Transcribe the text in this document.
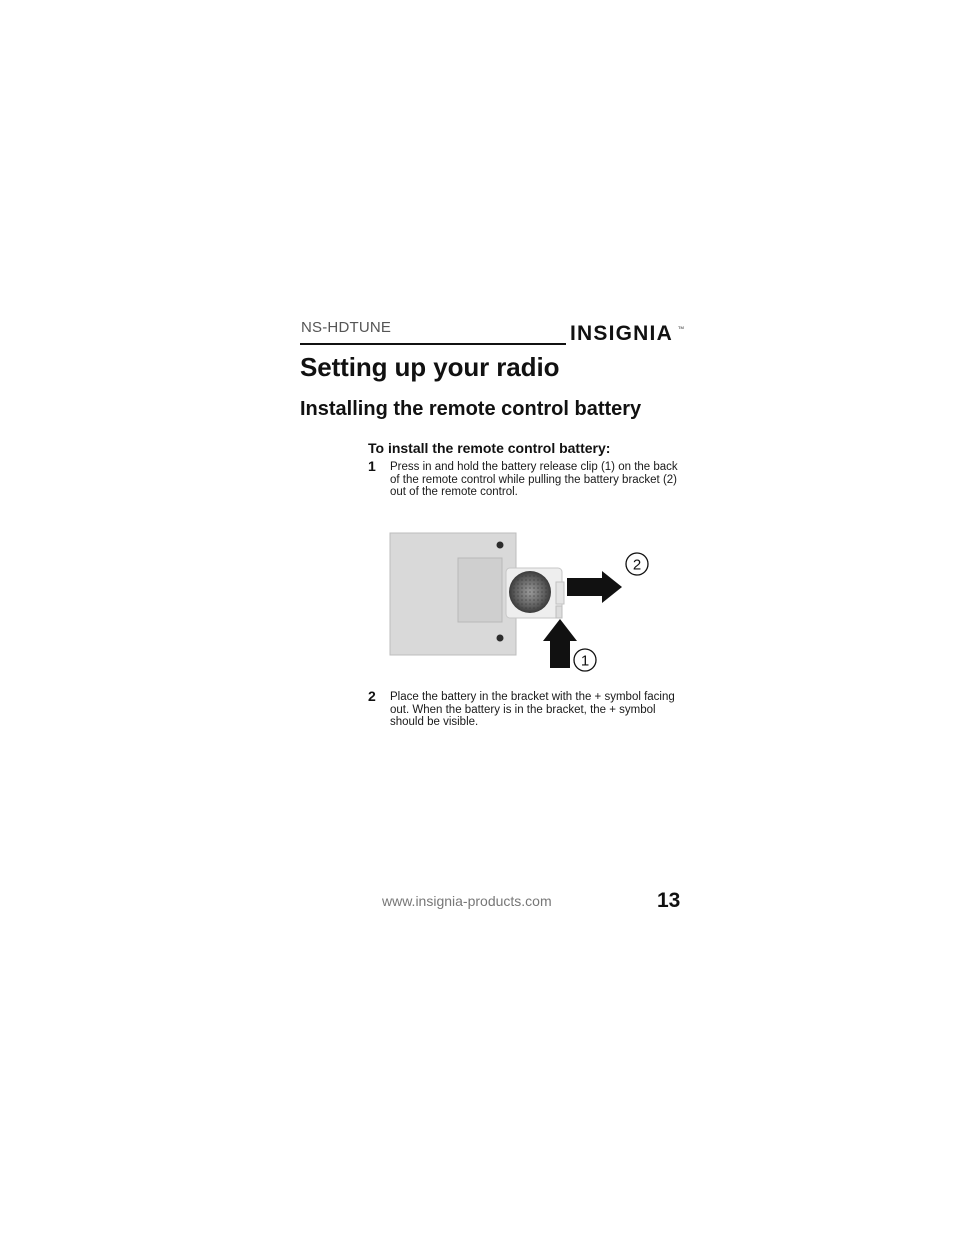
NS-HDTUNE	INSIGNIA TM
Setting up your radio
Installing the remote control battery
To install the remote control battery:
1 Press in and hold the battery release clip (1) on the back of the remote control while pulling the battery bracket (2) out of the remote control.
2
1
2 Place the battery in the bracket with the + symbol facing out. When the battery is in the bracket, the + symbol should be visible.
www.insignia-products.com	13
